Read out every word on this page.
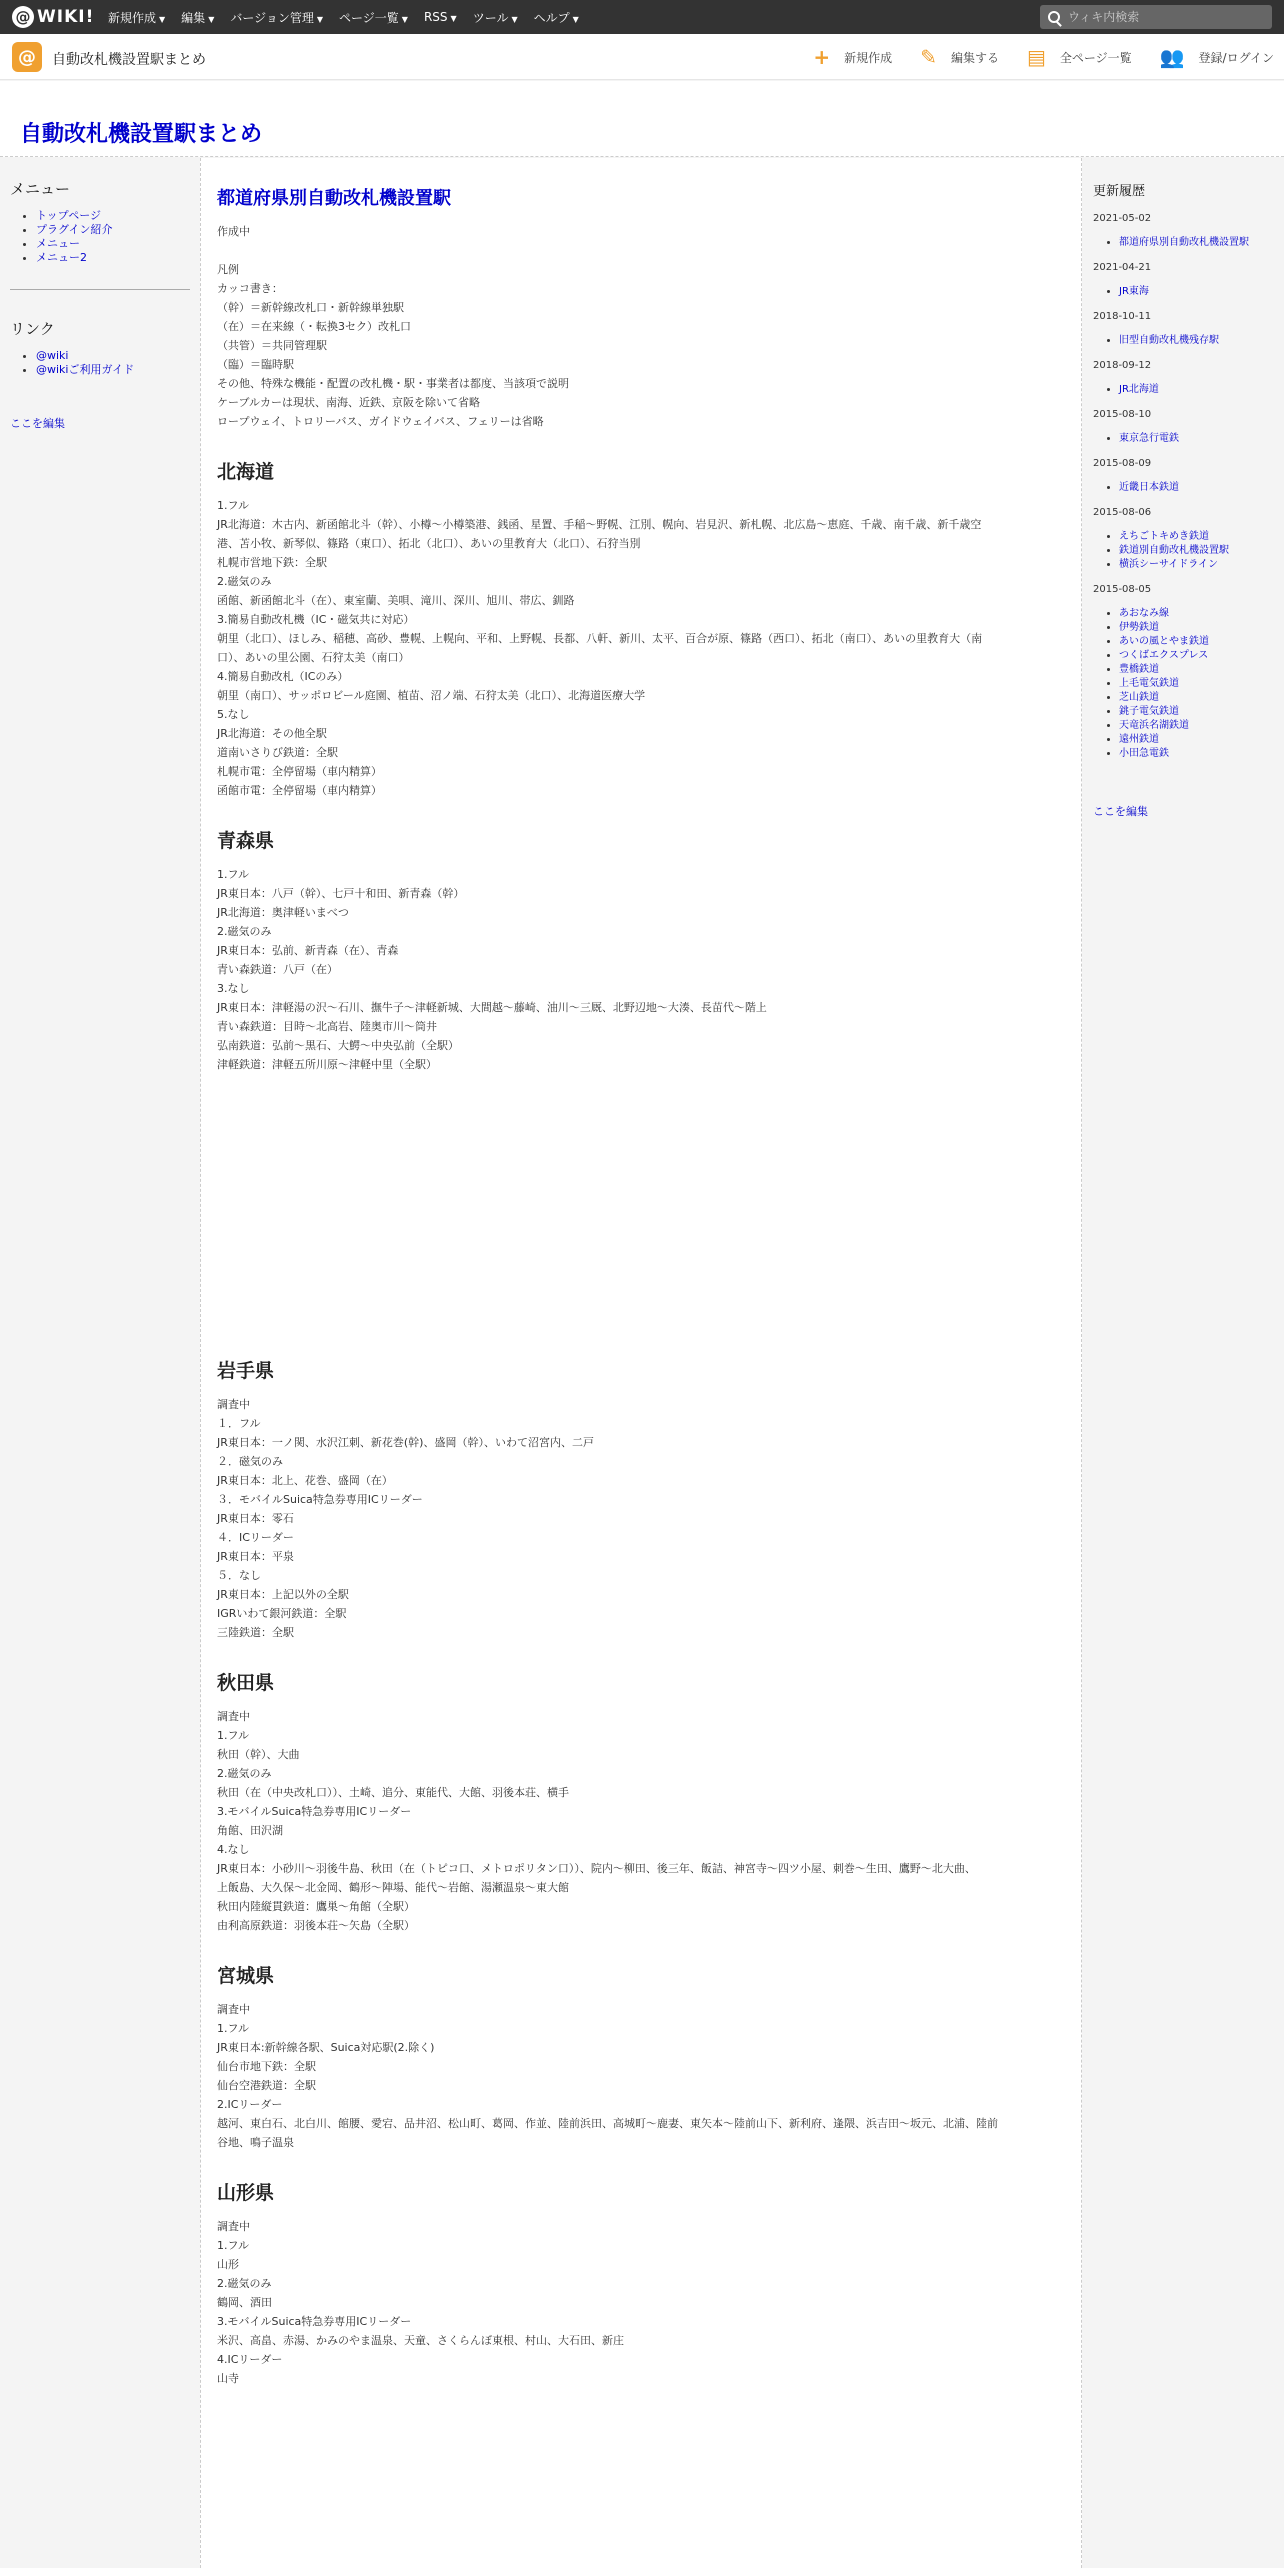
@ WIKI! 新規作成 ▼ 編集 ▼ バージョン管理 ▼ ページ一覧 ▼ RSS ▼ ツール ▼ ヘルプ ▼
ウィキ内検索
@	自動改札機設置駅まとめ	+ 新規作成 ✎ 編集する ▤ 全ページ一覧 👥 登録/ログイン
自動改札機設置駅まとめ
メニュー
• トップページ
• プラグイン紹介
• メニュー
• メニュー2
リンク
• @wiki
• @wikiご利用ガイド
ここを編集
都道府県別自動改札機設置駅
作成中
凡例
カッコ書き：
（幹）＝新幹線改札口・新幹線単独駅
（在）＝在来線（・転換3セク）改札口
（共管）＝共同管理駅
（臨）＝臨時駅
その他、特殊な機能・配置の改札機・駅・事業者は都度、当該項で説明
ケーブルカーは現状、南海、近鉄、京阪を除いて省略
ロープウェイ、トロリーバス、ガイドウェイバス、フェリーは省略
北海道
1.フル
JR北海道：木古内、新函館北斗（幹）、小樽〜小樽築港、銭函、星置、手稲〜野幌、江別、幌向、岩見沢、新札幌、北広島〜恵庭、千歳、南千歳、新千歳空
港、苫小牧、新琴似、篠路（東口）、拓北（北口）、あいの里教育大（北口）、石狩当別
札幌市営地下鉄：全駅
2.磁気のみ
函館、新函館北斗（在）、東室蘭、美唄、滝川、深川、旭川、帯広、釧路
3.簡易自動改札機（IC・磁気共に対応）
朝里（北口）、ほしみ、稲穂、高砂、豊幌、上幌向、平和、上野幌、長都、八軒、新川、太平、百合が原、篠路（西口）、拓北（南口）、あいの里教育大（南
口）、あいの里公園、石狩太美（南口）
4.簡易自動改札（ICのみ）
朝里（南口）、サッポロビール庭園、植苗、沼ノ端、石狩太美（北口）、北海道医療大学
5.なし
JR北海道：その他全駅
道南いさりび鉄道：全駅
札幌市電：全停留場（車内精算）
函館市電：全停留場（車内精算）
青森県
1.フル
JR東日本：八戸（幹）、七戸十和田、新青森（幹）
JR北海道：奥津軽いまべつ
2.磁気のみ
JR東日本：弘前、新青森（在）、青森
青い森鉄道：八戸（在）
3.なし
JR東日本：津軽湯の沢～石川、撫牛子～津軽新城、大間越～藤崎、油川～三厩、北野辺地～大湊、長苗代～階上
青い森鉄道：目時～北高岩、陸奥市川～筒井
弘南鉄道：弘前～黒石、大鰐～中央弘前（全駅）
津軽鉄道：津軽五所川原～津軽中里（全駅）
岩手県
調査中
１．フル
JR東日本：一ノ関、水沢江刺、新花巻(幹)、盛岡（幹）、いわて沼宮内、二戸
２．磁気のみ
JR東日本：北上、花巻、盛岡（在）
３．モバイルSuica特急券専用ICリーダー
JR東日本：零石
４．ICリーダー
JR東日本：平泉
５．なし
JR東日本：上記以外の全駅
IGRいわて銀河鉄道：全駅
三陸鉄道：全駅
秋田県
調査中
1.フル
秋田（幹）、大曲
2.磁気のみ
秋田（在（中央改札口））、土崎、追分、東能代、大館、羽後本荘、横手
3.モバイルSuica特急券専用ICリーダー
角館、田沢湖
4.なし
JR東日本：小砂川～羽後牛島、秋田（在（トピコ口、メトロポリタン口））、院内～柳田、後三年、飯詰、神宮寺～四ツ小屋、刺巻～生田、鷹野～北大曲、
上飯島、大久保～北金岡、鶴形～陣場、能代～岩館、湯瀬温泉～東大館
秋田内陸縦貫鉄道：鷹巣～角館（全駅）
由利高原鉄道：羽後本荘～矢島（全駅）
宮城県
調査中
1.フル
JR東日本:新幹線各駅、Suica対応駅(2.除く)
仙台市地下鉄：全駅
仙台空港鉄道：全駅
2.ICリーダー
越河、東白石、北白川、館腰、愛宕、品井沼、松山町、葛岡、作並、陸前浜田、高城町～鹿妻、東矢本～陸前山下、新利府、逢隈、浜吉田～坂元、北浦、陸前
谷地、鳴子温泉
山形県
調査中
1.フル
山形
2.磁気のみ
鶴岡、酒田
3.モバイルSuica特急券専用ICリーダー
米沢、高畠、赤湯、かみのやま温泉、天童、さくらんぼ東根、村山、大石田、新庄
4.ICリーダー
山寺
更新履歴
2021-05-02
• 都道府県別自動改札機設置駅
2021-04-21
• JR東海
2018-10-11
• 旧型自動改札機残存駅
2018-09-12
• JR北海道
2015-08-10
• 東京急行電鉄
2015-08-09
• 近畿日本鉄道
2015-08-06
• えちごトキめき鉄道
• 鉄道別自動改札機設置駅
• 横浜シーサイドライン
2015-08-05
• あおなみ線
• 伊勢鉄道
• あいの風とやま鉄道
• つくばエクスプレス
• 豊橋鉄道
• 上毛電気鉄道
• 芝山鉄道
• 銚子電気鉄道
• 天竜浜名湖鉄道
• 遠州鉄道
• 小田急電鉄
ここを編集
